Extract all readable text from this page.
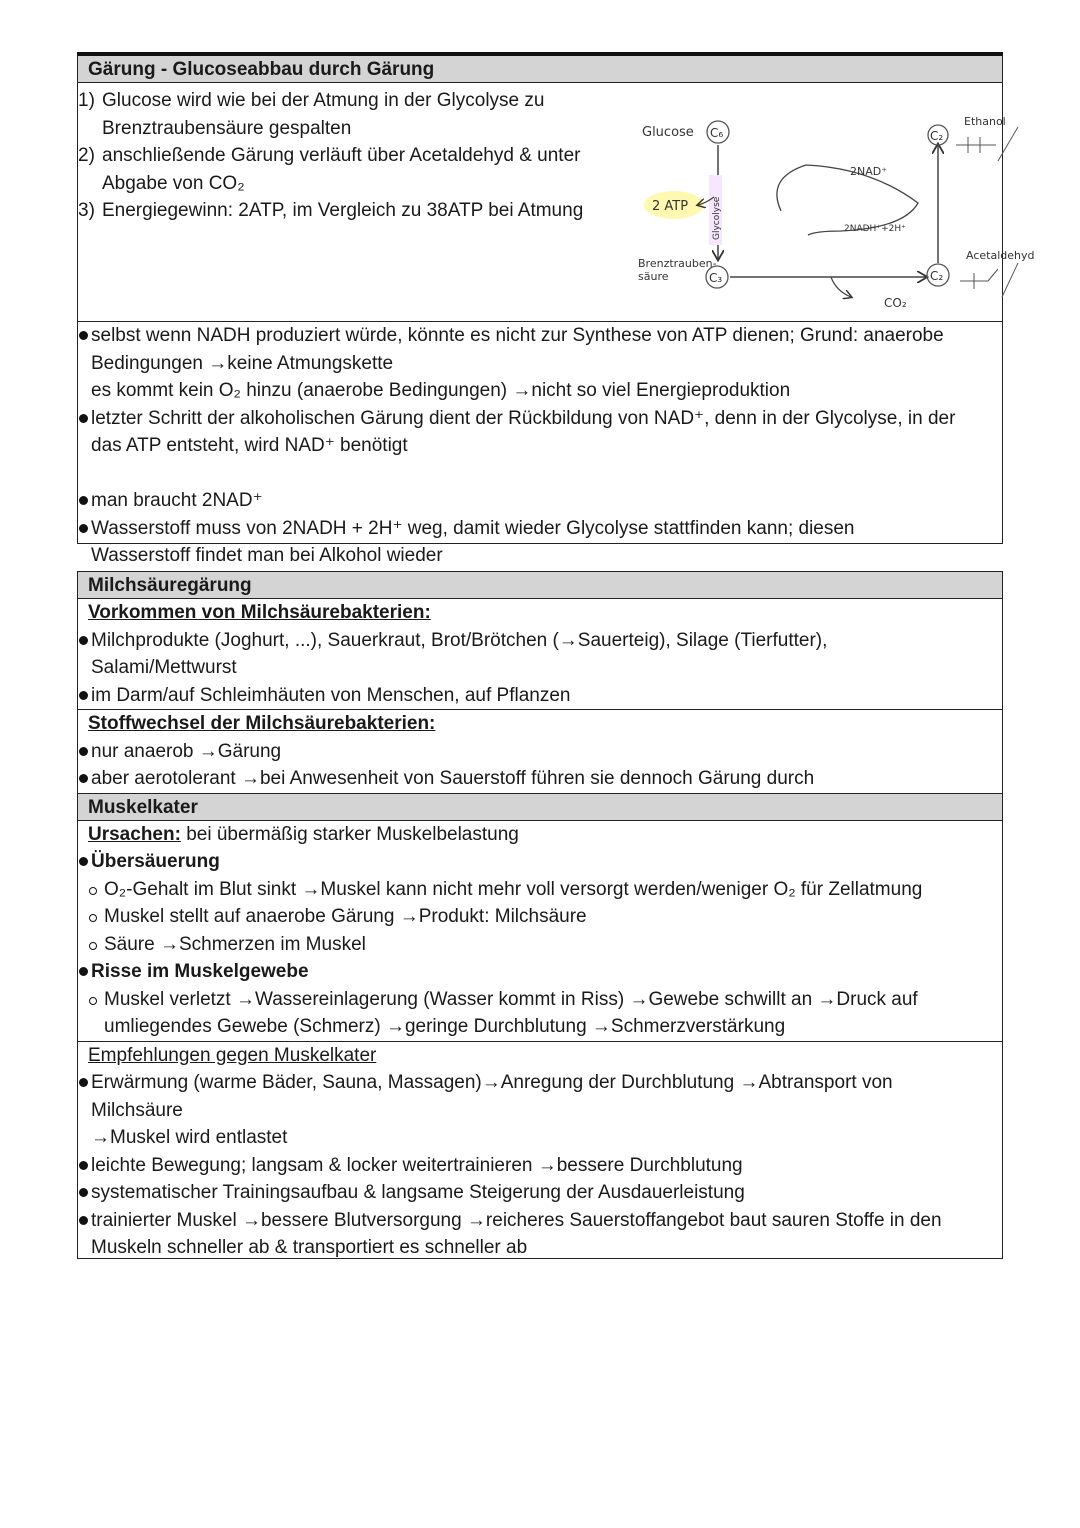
Gärung - Glucoseabbau durch Gärung
1) Glucose wird wie bei der Atmung in der Glycolyse zu
Brenztraubensäure gespalten
2) anschließende Gärung verläuft über Acetaldehyd & unter
Abgabe von CO₂
3) Energiegewinn: 2ATP, im Vergleich zu 38ATP bei Atmung
Glucose C₆
Glycolyse
2 ATP
Brenztrauben-
säure	C₃
CO₂
C₂
C₂
2NAD⁺
2NADH⁺+2H⁺
Ethanol
Acetaldehyd
selbst wenn NADH produziert würde, könnte es nicht zur Synthese von ATP dienen; Grund: anaerobe
Bedingungen →keine Atmungskette
es kommt kein O₂ hinzu (anaerobe Bedingungen) →nicht so viel Energieproduktion
letzter Schritt der alkoholischen Gärung dient der Rückbildung von NAD⁺, denn in der Glycolyse, in der
das ATP entsteht, wird NAD⁺ benötigt
man braucht 2NAD⁺
Wasserstoff muss von 2NADH + 2H⁺ weg, damit wieder Glycolyse stattfinden kann; diesen
Wasserstoff findet man bei Alkohol wieder
Milchsäuregärung
Vorkommen von Milchsäurebakterien:
Milchprodukte (Joghurt, ...), Sauerkraut, Brot/Brötchen (→Sauerteig), Silage (Tierfutter),
Salami/Mettwurst
im Darm/auf Schleimhäuten von Menschen, auf Pflanzen
Stoffwechsel der Milchsäurebakterien:
nur anaerob →Gärung
aber aerotolerant →bei Anwesenheit von Sauerstoff führen sie dennoch Gärung durch
Muskelkater
Ursachen: bei übermäßig starker Muskelbelastung
Übersäuerung
O₂-Gehalt im Blut sinkt →Muskel kann nicht mehr voll versorgt werden/weniger O₂ für Zellatmung
Muskel stellt auf anaerobe Gärung →Produkt: Milchsäure
Säure →Schmerzen im Muskel
Risse im Muskelgewebe
Muskel verletzt →Wassereinlagerung (Wasser kommt in Riss) →Gewebe schwillt an →Druck auf
umliegendes Gewebe (Schmerz) →geringe Durchblutung →Schmerzverstärkung
Empfehlungen gegen Muskelkater
Erwärmung (warme Bäder, Sauna, Massagen)→Anregung der Durchblutung →Abtransport von
Milchsäure
→Muskel wird entlastet
leichte Bewegung; langsam & locker weitertrainieren →bessere Durchblutung
systematischer Trainingsaufbau & langsame Steigerung der Ausdauerleistung
trainierter Muskel →bessere Blutversorgung →reicheres Sauerstoffangebot baut sauren Stoffe in den
Muskeln schneller ab & transportiert es schneller ab
